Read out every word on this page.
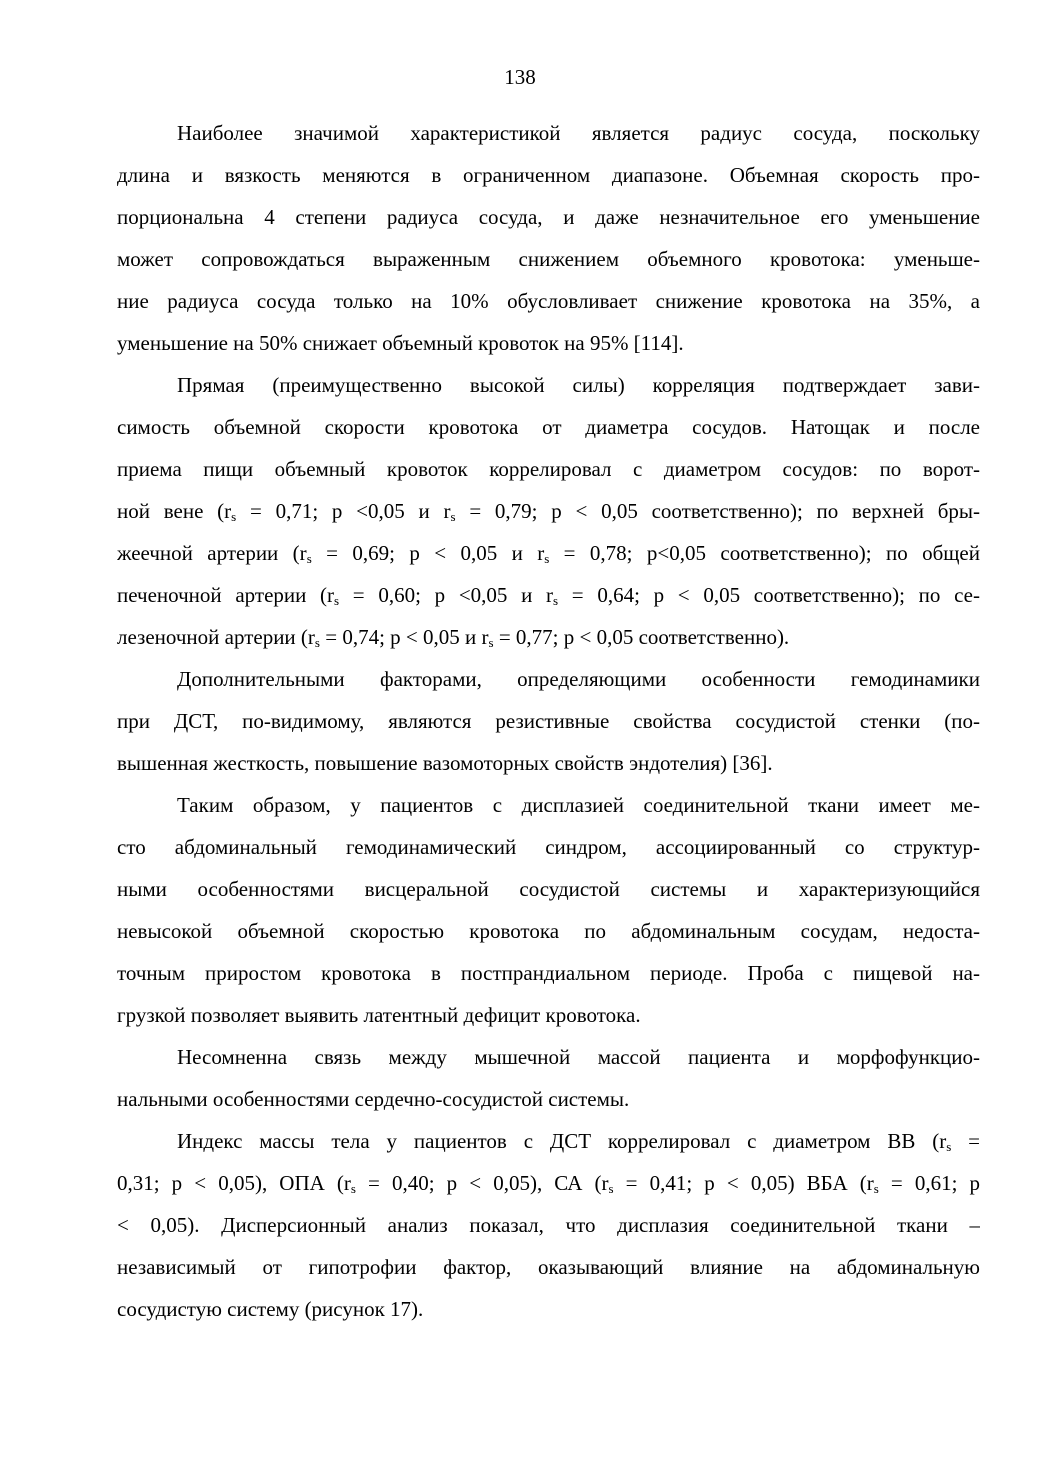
138
Наиболее значимой характеристикой является радиус сосуда, поскольку
длина и вязкость меняются в ограниченном диапазоне. Объемная скорость про-
порциональна 4 степени радиуса сосуда, и даже незначительное его уменьшение
может сопровождаться выраженным снижением объемного кровотока: уменьше-
ние радиуса сосуда только на 10% обусловливает снижение кровотока на 35%, а
уменьшение на 50% снижает объемный кровоток на 95% [114].
Прямая (преимущественно высокой силы) корреляция подтверждает зави-
симость объемной скорости кровотока от диаметра сосудов. Натощак и после
приема пищи объемный кровоток коррелировал с диаметром сосудов: по ворот-
ной вене ($r_s = 0,71$; p <0,05 и $r_s = 0,79$; p < 0,05 соответственно); по верхней бры-
жеечной артерии ($r_s = 0,69$; p < 0,05 и $r_s = 0,78$; p<0,05 соответственно); по общей
печеночной артерии ($r_s = 0,60$; p <0,05 и $r_s = 0,64$; p < 0,05 соответственно); по се-
лезеночной артерии ($r_s = 0,74$; p < 0,05 и $r_s = 0,77$; p < 0,05 соответственно).
Дополнительными факторами, определяющими особенности гемодинамики
при ДСТ, по-видимому, являются резистивные свойства сосудистой стенки (по-
вышенная жесткость, повышение вазомоторных свойств эндотелия) [36].
Таким образом, у пациентов с дисплазией соединительной ткани имеет ме-
сто абдоминальный гемодинамический синдром, ассоциированный со структур-
ными особенностями висцеральной сосудистой системы и характеризующийся
невысокой объемной скоростью кровотока по абдоминальным сосудам, недоста-
точным приростом кровотока в постпрандиальном периоде. Проба с пищевой на-
грузкой позволяет выявить латентный дефицит кровотока.
Несомненна связь между мышечной массой пациента и морфофункцио-
нальными особенностями сердечно-сосудистой системы.
Индекс массы тела у пациентов с ДСТ коррелировал с диаметром ВВ ($r_s$ =
0,31; p < 0,05), ОПА ($r_s = 0,40$; p < 0,05), СА ($r_s = 0,41$; p < 0,05) ВБА ($r_s = 0,61$; p
< 0,05). Дисперсионный анализ показал, что дисплазия соединительной ткани –
независимый от гипотрофии фактор, оказывающий влияние на абдоминальную
сосудистую систему (рисунок 17).
